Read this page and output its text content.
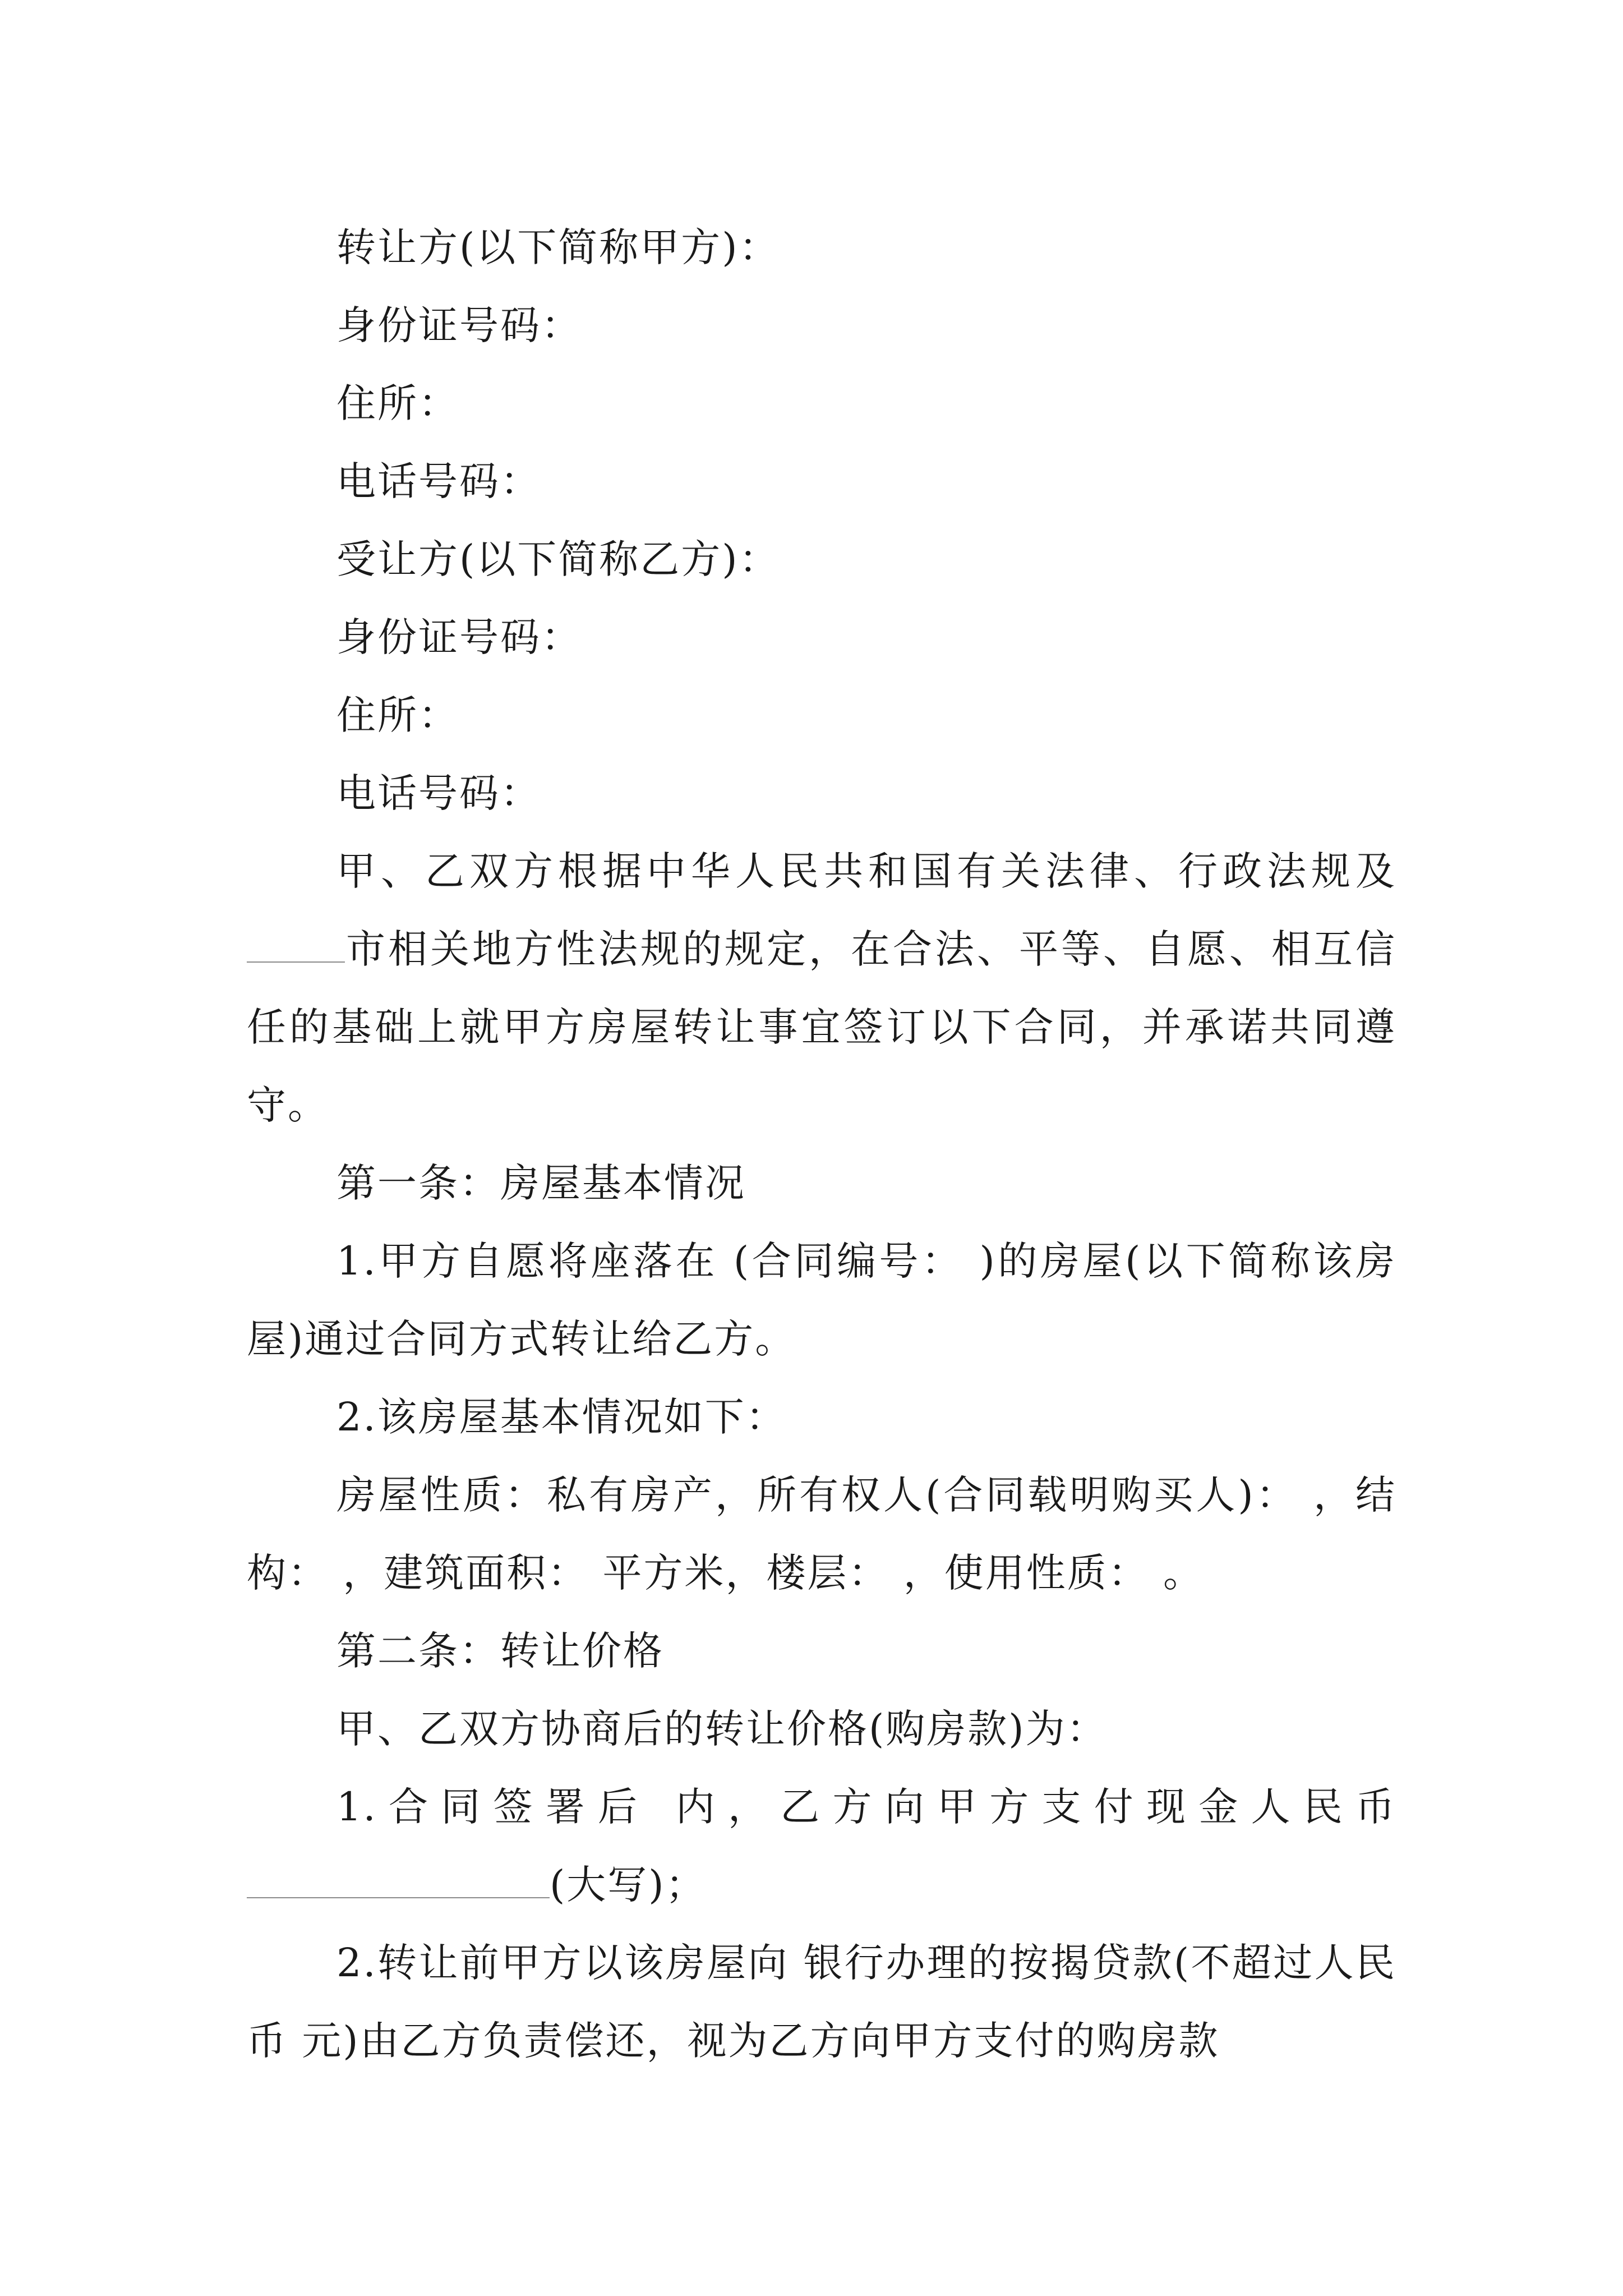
转让方(以下简称甲方)：

身份证号码：

住所：

电话号码：

受让方(以下简称乙方)：

身份证号码：

住所：

电话号码：

甲、乙双方根据中华人民共和国有关法律、行政法规及市相关地方性法规的规定，在合法、平等、自愿、相互信任的基础上就甲方房屋转让事宜签订以下合同，并承诺共同遵守。

第一条：房屋基本情况

1.甲方自愿将座落在 (合同编号： )的房屋(以下简称该房屋)通过合同方式转让给乙方。

2.该房屋基本情况如下：

房屋性质：私有房产，所有权人(合同载明购买人)： ，结构： ，建筑面积： 平方米，楼层： ，使用性质： 。

第二条：转让价格

甲、乙双方协商后的转让价格(购房款)为：

1.合同签署后 内，乙方向甲方支付现金人民币(大写)；

2.转让前甲方以该房屋向 银行办理的按揭贷款(不超过人民币 元)由乙方负责偿还，视为乙方向甲方支付的购房款
